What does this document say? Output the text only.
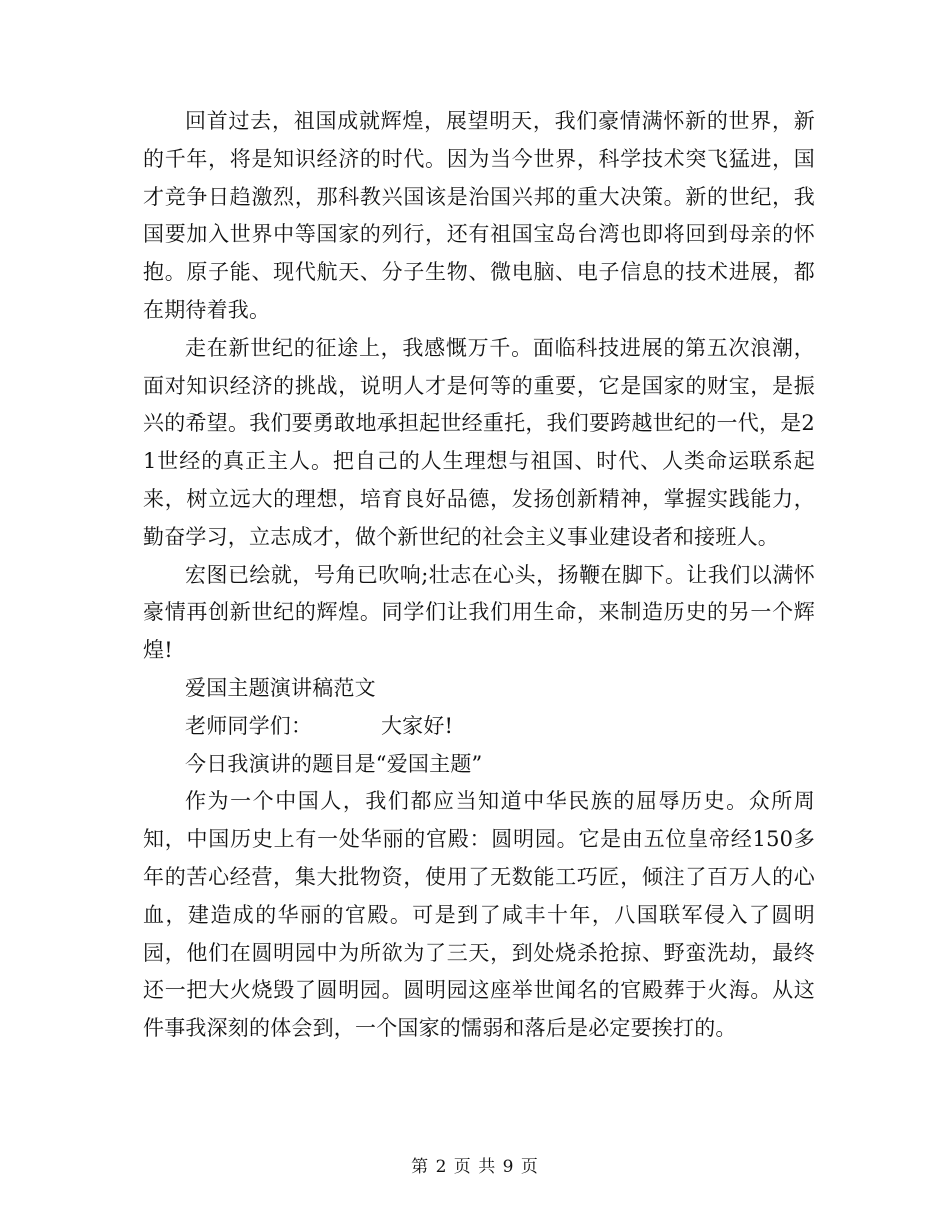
回首过去，祖国成就辉煌，展望明天，我们豪情满怀新的世界，新的千年，将是知识经济的时代。因为当今世界，科学技术突飞猛进，国才竞争日趋激烈，那科教兴国该是治国兴邦的重大决策。新的世纪，我国要加入世界中等国家的列行，还有祖国宝岛台湾也即将回到母亲的怀抱。原子能、现代航天、分子生物、微电脑、电子信息的技术进展，都在期待着我。

走在新世纪的征途上，我感慨万千。面临科技进展的第五次浪潮，面对知识经济的挑战，说明人才是何等的重要，它是国家的财宝，是振兴的希望。我们要勇敢地承担起世经重托，我们要跨越世纪的一代，是21世经的真正主人。把自己的人生理想与祖国、时代、人类命运联系起来，树立远大的理想，培育良好品德，发扬创新精神，掌握实践能力，勤奋学习，立志成才，做个新世纪的社会主义事业建设者和接班人。

宏图已绘就，号角已吹响;壮志在心头，扬鞭在脚下。让我们以满怀豪情再创新世纪的辉煌。同学们让我们用生命，来制造历史的另一个辉煌!

爱国主题演讲稿范文

老师同学们：          大家好!

今日我演讲的题目是“爱国主题”

作为一个中国人，我们都应当知道中华民族的屈辱历史。众所周知，中国历史上有一处华丽的官殿：圆明园。它是由五位皇帝经150多年的苦心经营，集大批物资，使用了无数能工巧匠，倾注了百万人的心血，建造成的华丽的官殿。可是到了咸丰十年，八国联军侵入了圆明园，他们在圆明园中为所欲为了三天，到处烧杀抢掠、野蛮洗劫，最终还一把大火烧毁了圆明园。圆明园这座举世闻名的官殿葬于火海。从这件事我深刻的体会到，一个国家的懦弱和落后是必定要挨打的。

第 2 页 共 9 页
